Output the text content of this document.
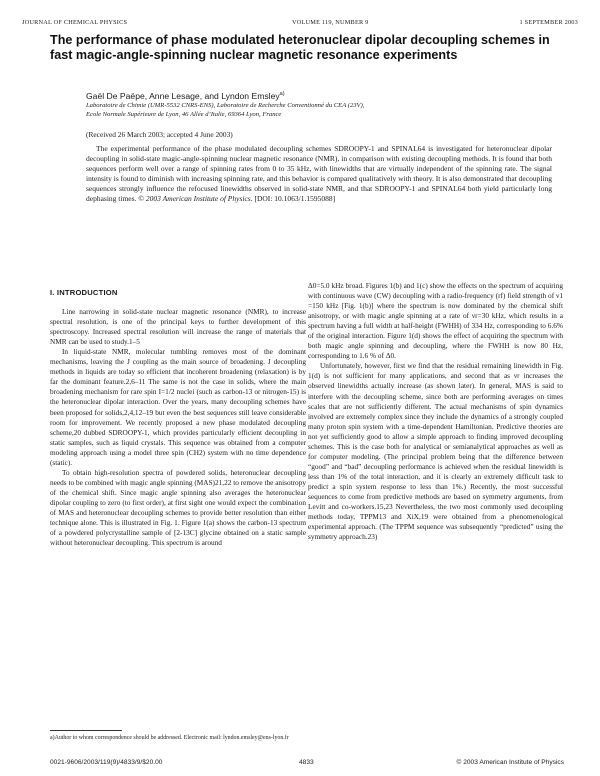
JOURNAL OF CHEMICAL PHYSICS	VOLUME 119, NUMBER 9	1 SEPTEMBER 2003
The performance of phase modulated heteronuclear dipolar decoupling schemes in fast magic-angle-spinning nuclear magnetic resonance experiments
Gaël De Paëpe, Anne Lesage, and Lyndon Emsley$^{a)}$
Laboratoire de Chimie (UMR-5532 CNRS-ENS), Laboratoire de Recherche Conventionné du CEA (23V),
Ecole Normale Supérieure de Lyon, 46 Allée d’Italie, 69364 Lyon, France
(Received 26 March 2003; accepted 4 June 2003)
The experimental performance of the phase modulated decoupling schemes SDROOPY-1 and SPINAL64 is investigated for heteronuclear dipolar decoupling in solid-state magic-angle-spinning nuclear magnetic resonance (NMR), in comparison with existing decoupling methods. It is found that both sequences perform well over a range of spinning rates from 0 to 35 kHz, with linewidths that are virtually independent of the spinning rate. The signal intensity is found to diminish with increasing spinning rate, and this behavior is compared qualitatively with theory. It is also demonstrated that decoupling sequences strongly influence the refocused linewidths observed in solid-state NMR, and that SDROOPY-1 and SPINAL64 both yield particularly long dephasing times. © 2003 American Institute of Physics. [DOI: 10.1063/1.1595088]
I. INTRODUCTION

Line narrowing in solid-state nuclear magnetic resonance (NMR), to increase spectral resolution, is one of the principal keys to further development of this spectroscopy. Increased spectral resolution will increase the range of materials that NMR can be used to study.1–5

In liquid-state NMR, molecular tumbling removes most of the dominant mechanisms, leaving the J coupling as the main source of broadening. J decoupling methods in liquids are today so efficient that incoherent broadening (relaxation) is by far the dominant feature.2,6–11 The same is not the case in solids, where the main broadening mechanism for rare spin I=1/2 nuclei (such as carbon-13 or nitrogen-15) is the heteronuclear dipolar interaction. Over the years, many decoupling schemes have been proposed for solids,2,4,12–19 but even the best sequences still leave considerable room for improvement. We recently proposed a new phase modulated decoupling scheme,20 dubbed SDROOPY-1, which provides particularly efficient decoupling in static samples, such as liquid crystals. This sequence was obtained from a computer modeling approach using a model three spin (CH2) system with no time dependence (static).

To obtain high-resolution spectra of powdered solids, heteronuclear decoupling needs to be combined with magic angle spinning (MAS)21,22 to remove the anisotropy of the chemical shift. Since magic angle spinning also averages the heteronuclear dipolar coupling to zero (to first order), at first sight one would expect the combination of MAS and heteronuclear decoupling schemes to provide better resolution than either technique alone. This is illustrated in Fig. 1. Figure 1(a) shows the carbon-13 spectrum of a powdered polycrystalline sample of [2-13C] glycine obtained on a static sample without heteronuclear decoupling. This spectrum is around

Δ0=5.0 kHz broad. Figures 1(b) and 1(c) show the effects on the spectrum of acquiring with continuous wave (CW) decoupling with a radio-frequency (rf) field strength of ν1 =150 kHz [Fig. 1(b)] where the spectrum is now dominated by the chemical shift anisotropy, or with magic angle spinning at a rate of νr=30 kHz, which results in a spectrum having a full width at half-height (FWHH) of 334 Hz, corresponding to 6.6% of the original interaction. Figure 1(d) shows the effect of acquiring the spectrum with both magic angle spinning and decoupling, where the FWHH is now 80 Hz, corresponding to 1.6 % of Δ0.

Unfortunately, however, first we find that the residual remaining linewidth in Fig. 1(d) is not sufficient for many applications, and second that as νr increases the observed linewidths actually increase (as shown later). In general, MAS is said to interfere with the decoupling scheme, since both are performing averages on times scales that are not sufficiently different. The actual mechanisms of spin dynamics involved are extremely complex since they include the dynamics of a strongly coupled many proton spin system with a time-dependent Hamiltonian. Predictive theories are not yet sufficiently good to allow a simple approach to finding improved decoupling schemes. This is the case both for analytical or semianalytical approaches as well as for computer modeling. (The principal problem being that the difference between “good” and “bad” decoupling performance is achieved when the residual linewidth is less than 1% of the total interaction, and it is clearly an extremely difficult task to predict a spin system response to less than 1%.) Recently, the most successful sequences to come from predictive methods are based on symmetry arguments, from Levitt and co-workers.15,23 Nevertheless, the two most commonly used decoupling methods today, TPPM13 and XiX,19 were obtained from a phenomenological experimental approach. (The TPPM sequence was subsequently “predicted” using the symmetry approach.23)

a)Author to whom correspondence should be addressed. Electronic mail: lyndon.emsley@ens-lyon.fr
0021-9606/2003/119(9)/4833/9/$20.00	4833	© 2003 American Institute of Physics
